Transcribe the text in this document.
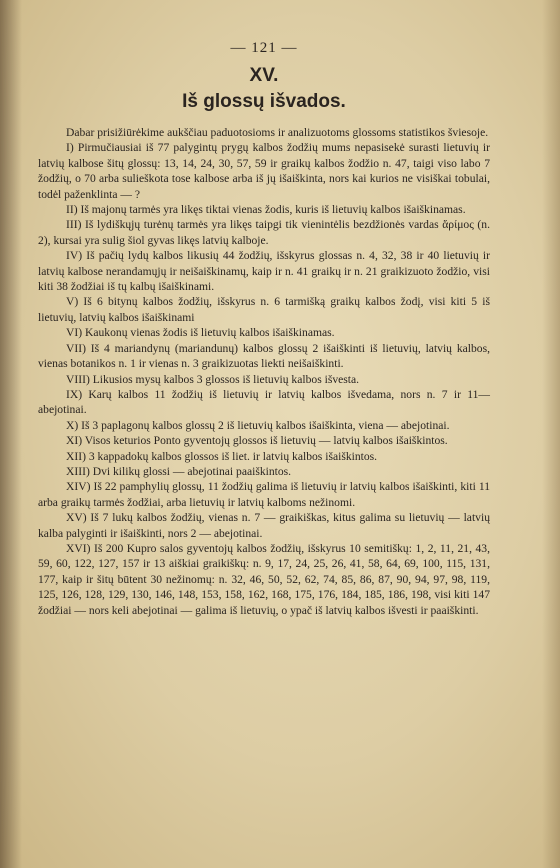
— 121 —
XV.
Iš glossų išvados.

Dabar prisižiūrėkime aukščiau paduotosioms ir analizuotoms glossoms statistikos šviesoje.

I) Pirmučiausiai iš 77 palygintų prygų kalbos žodžių mums nepasisekė surasti lietuvių ir latvių kalbose šitų glossų: 13, 14, 24, 30, 57, 59 ir graikų kalbos žodžio n. 47, taigi viso labo 7 žodžių, o 70 arba sulieškota tose kalbose arba iš jų išaiškinta, nors kai kurios ne visiškai tobulai, todėl paženklinta — ?

II) Iš majonų tarmės yra likęs tiktai vienas žodis, kuris iš lietuvių kalbos išaiškinamas.

III) Iš lydiškųjų turėnų tarmės yra likęs taipgi tik vienintėlis bezdžionės vardas ἄρίμος (n. 2), kursai yra sulig šiol gyvas likęs latvių kalboje.

IV) Iš pačių lydų kalbos likusių 44 žodžių, išskyrus glossas n. 4, 32, 38 ir 40 lietuvių ir latvių kalbose nerandamųjų ir neišaiškinamų, kaip ir n. 41 graikų ir n. 21 graikizuoto žodžio, visi kiti 38 žodžiai iš tų kalbų išaiškinami.

V) Iš 6 bitynų kalbos žodžių, išskyrus n. 6 tarmišką graikų kalbos žodį, visi kiti 5 iš lietuvių, latvių kalbos išaiškinami

VI) Kaukonų vienas žodis iš lietuvių kalbos išaiškinamas.

VII) Iš 4 mariandynų (mariandunų) kalbos glossų 2 išaiškinti iš lietuvių, latvių kalbos, vienas botanikos n. 1 ir vienas n. 3 graikizuotas liekti neišaiškinti.

VIII) Likusios mysų kalbos 3 glossos iš lietuvių kalbos išvesta.

IX) Karų kalbos 11 žodžių iš lietuvių ir latvių kalbos išvedama, nors n. 7 ir 11— abejotinai.

X) Iš 3 paplagonų kalbos glossų 2 iš lietuvių kalbos išaiškinta, viena — abejotinai.

XI) Visos keturios Ponto gyventojų glossos iš lietuvių — latvių kalbos išaiškintos.

XII) 3 kappadokų kalbos glossos iš liet. ir latvių kalbos išaiškintos.

XIII) Dvi kilikų glossi — abejotinai paaiškintos.

XIV) Iš 22 pamphylių glossų, 11 žodžių galima iš lietuvių ir latvių kalbos išaiškinti, kiti 11 arba graikų tarmės žodžiai, arba lietuvių ir latvių kalboms nežinomi.

XV) Iš 7 lukų kalbos žodžių, vienas n. 7 — graikiškas, kitus galima su lietuvių — latvių kalba palyginti ir išaiškinti, nors 2 — abejotinai.

XVI) Iš 200 Kupro salos gyventojų kalbos žodžių, išskyrus 10 semitiškų: 1, 2, 11, 21, 43, 59, 60, 122, 127, 157 ir 13 aiškiai graikiškų: n. 9, 17, 24, 25, 26, 41, 58, 64, 69, 100, 115, 131, 177, kaip ir šitų būtent 30 nežinomų: n. 32, 46, 50, 52, 62, 74, 85, 86, 87, 90, 94, 97, 98, 119, 125, 126, 128, 129, 130, 146, 148, 153, 158, 162, 168, 175, 176, 184, 185, 186, 198, visi kiti 147 žodžiai — nors keli abejotinai — galima iš lietuvių, o ypač iš latvių kalbos išvesti ir paaiškinti.
